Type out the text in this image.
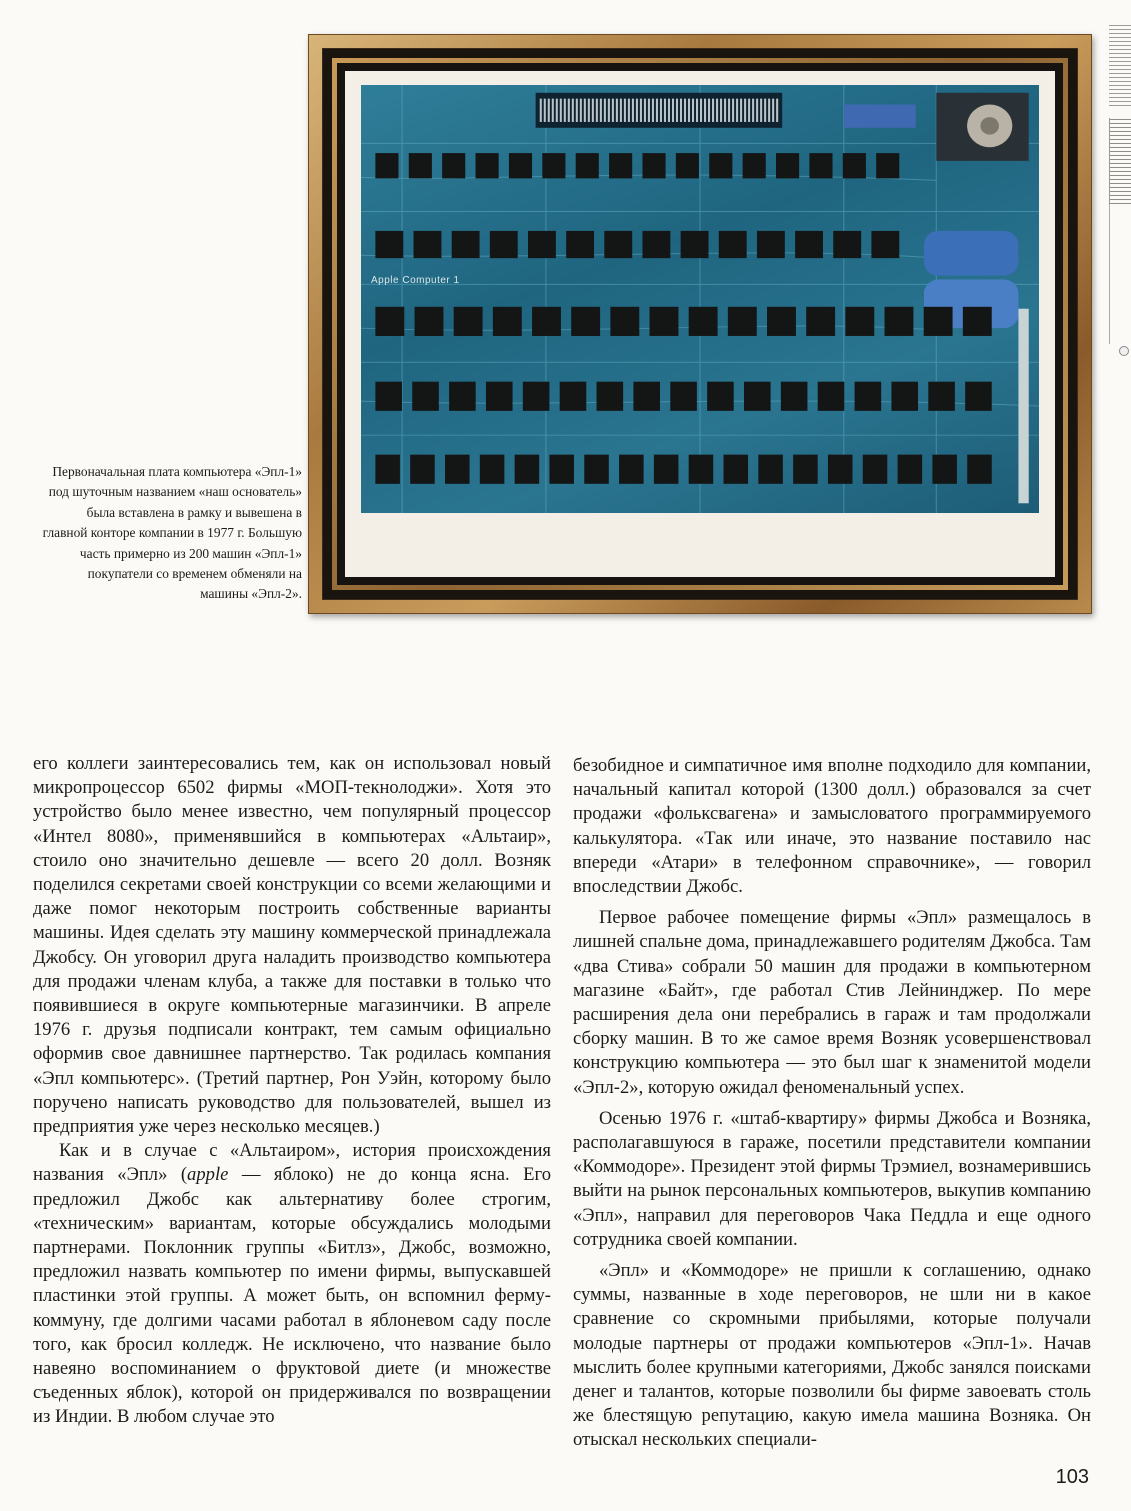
Apple Computer 1
Первоначальная плата компьютера «Эпл-1» под шуточным названием «наш основатель» была вставлена в рамку и вывешена в главной конторе компании в 1977 г. Большую часть примерно из 200 машин «Эпл-1» покупатели со временем обменяли на машины «Эпл-2».

его коллеги заинтересовались тем, как он использовал новый микропроцессор 6502 фирмы «МОП-текнолоджи». Хотя это устройство было менее известно, чем популярный процессор «Интел 8080», применявшийся в компьютерах «Альтаир», стоило оно значительно дешевле — всего 20 долл. Возняк поделился секретами своей конструкции со всеми желающими и даже помог некоторым построить собственные варианты машины. Идея сделать эту машину коммерческой принадлежала Джобсу. Он уговорил друга наладить производство компьютера для продажи членам клуба, а также для поставки в только что появившиеся в округе компьютерные магазинчики. В апреле 1976 г. друзья подписали контракт, тем самым официально оформив свое давнишнее партнерство. Так родилась компания «Эпл компьютерс». (Третий партнер, Рон Уэйн, которому было поручено написать руководство для пользователей, вышел из предприятия уже через несколько месяцев.)

Как и в случае с «Альтаиром», история происхождения названия «Эпл» (apple — яблоко) не до конца ясна. Его предложил Джобс как альтернативу более строгим, «техническим» вариантам, которые обсуждались молодыми партнерами. Поклонник группы «Битлз», Джобс, возможно, предложил назвать компьютер по имени фирмы, выпускавшей пластинки этой группы. А может быть, он вспомнил ферму-коммуну, где долгими часами работал в яблоневом саду после того, как бросил колледж. Не исключено, что название было навеяно воспоминанием о фруктовой диете (и множестве съеденных яблок), которой он придерживался по возвращении из Индии. В любом случае это

безобидное и симпатичное имя вполне подходило для компании, начальный капитал которой (1300 долл.) образовался за счет продажи «фольксвагена» и замысловатого программируемого калькулятора. «Так или иначе, это название поставило нас впереди «Атари» в телефонном справочнике», — говорил впоследствии Джобс.

Первое рабочее помещение фирмы «Эпл» размещалось в лишней спальне дома, принадлежавшего родителям Джобса. Там «два Стива» собрали 50 машин для продажи в компьютерном магазине «Байт», где работал Стив Лейнинджер. По мере расширения дела они перебрались в гараж и там продолжали сборку машин. В то же самое время Возняк усовершенствовал конструкцию компьютера — это был шаг к знаменитой модели «Эпл-2», которую ожидал феноменальный успех.

Осенью 1976 г. «штаб-квартиру» фирмы Джобса и Возняка, располагавшуюся в гараже, посетили представители компании «Коммодоре». Президент этой фирмы Трэмиел, вознамерившись выйти на рынок персональных компьютеров, выкупив компанию «Эпл», направил для переговоров Чака Педдла и еще одного сотрудника своей компании.

«Эпл» и «Коммодоре» не пришли к соглашению, однако суммы, названные в ходе переговоров, не шли ни в какое сравнение со скромными прибылями, которые получали молодые партнеры от продажи компьютеров «Эпл-1». Начав мыслить более крупными категориями, Джобс занялся поисками денег и талантов, которые позволили бы фирме завоевать столь же блестящую репутацию, какую имела машина Возняка. Он отыскал нескольких специали-

103
